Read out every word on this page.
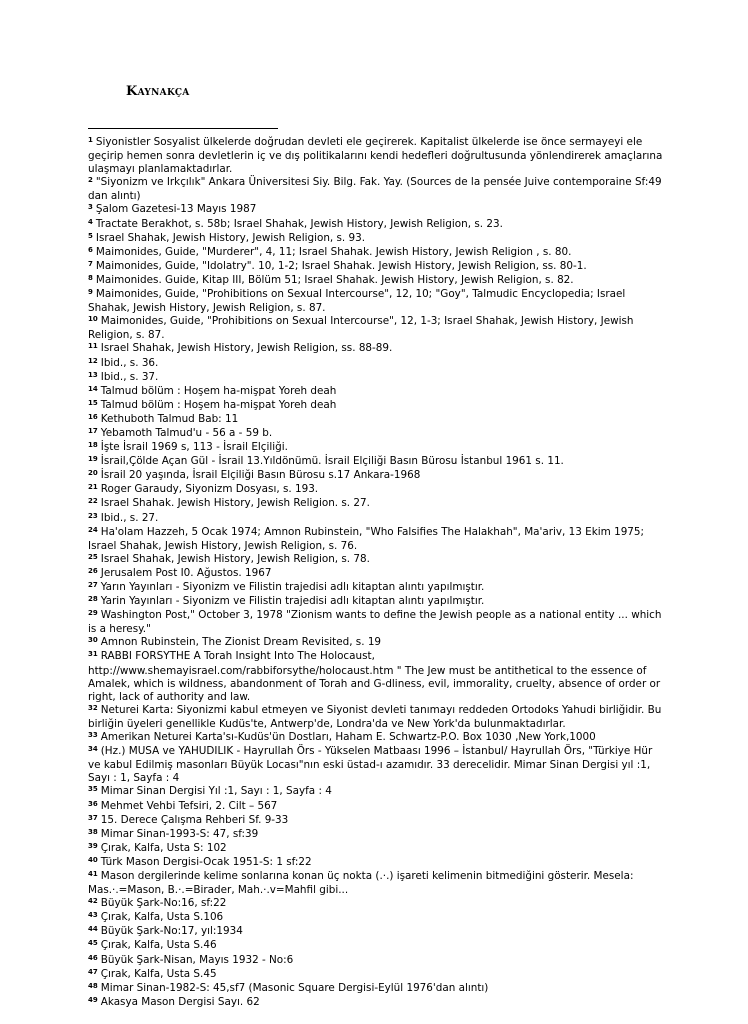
Kaynakça

$^1$ Siyonistler Sosyalist ülkelerde doğrudan devleti ele geçirerek. Kapitalist ülkelerde ise önce sermayeyi ele geçirip hemen sonra devletlerin iç ve dış politikalarını kendi hedefleri doğrultusunda yönlendirerek amaçlarına ulaşmayı planlamaktadırlar.

$^2$ "Siyonizm ve Irkçılık" Ankara Üniversitesi Siy. Bilg. Fak. Yay. (Sources de la pensée Juive contemporaine Sf:49 dan alıntı)

$^3$ Şalom Gazetesi-13 Mayıs 1987

$^4$ Tractate Berakhot, s. 58b; Israel Shahak, Jewish History, Jewish Religion, s. 23.

$^5$ Israel Shahak, Jewish History, Jewish Religion, s. 93.

$^6$ Maimonides, Guide, "Murderer", 4, 11; Israel Shahak. Jewish History, Jewish Religion , s. 80.

$^7$ Maimonides, Guide, "Idolatry". 10, 1-2; Israel Shahak. Jewish History, Jewish Religion, ss. 80-1.

$^8$ Maimonides. Guide, Kitap III, Bölüm 51; Israel Shahak. Jewish History, Jewish Religion, s. 82.

$^9$ Maimonides, Guide, "Prohibitions on Sexual Intercourse", 12, 10; "Goy", Talmudic Encyclopedia; Israel Shahak, Jewish History, Jewish Religion, s. 87.

$^{10}$ Maimonides, Guide, "Prohibitions on Sexual Intercourse", 12, 1-3; Israel Shahak, Jewish History, Jewish Religion, s. 87.

$^{11}$ Israel Shahak, Jewish History, Jewish Religion, ss. 88-89.

$^{12}$ Ibid., s. 36.

$^{13}$ Ibid., s. 37.

$^{14}$ Talmud bölüm : Hoşem ha-mişpat Yoreh deah

$^{15}$ Talmud bölüm : Hoşem ha-mişpat Yoreh deah

$^{16}$ Kethuboth Talmud Bab: 11

$^{17}$ Yebamoth Talmud'u - 56 a - 59 b.

$^{18}$ İşte İsrail 1969 s, 113 - İsrail Elçiliği.

$^{19}$ İsrail,Çölde Açan Gül - İsrail 13.Yıldönümü. İsrail Elçiliği Basın Bürosu İstanbul 1961 s. 11.

$^{20}$ İsrail 20 yaşında, İsrail Elçiliği Basın Bürosu s.17 Ankara-1968

$^{21}$ Roger Garaudy, Siyonizm Dosyası, s. 193.

$^{22}$ Israel Shahak. Jewish History, Jewish Religion. s. 27.

$^{23}$ Ibid., s. 27.

$^{24}$ Ha'olam Hazzeh, 5 Ocak 1974; Amnon Rubinstein, "Who Falsifies The Halakhah", Ma'ariv, 13 Ekim 1975; Israel Shahak, Jewish History, Jewish Religion, s. 76.

$^{25}$ Israel Shahak, Jewish History, Jewish Religion, s. 78.

$^{26}$ Jerusalem Post I0. Ağustos. 1967

$^{27}$ Yarın Yayınları - Siyonizm ve Filistin trajedisi adlı kitaptan alıntı yapılmıştır.

$^{28}$ Yarin Yayınları - Siyonizm ve Filistin trajedisi adlı kitaptan alıntı yapılmıştır.

$^{29}$ Washington Post," October 3, 1978 "Zionism wants to define the Jewish people as a national entity ... which is a heresy."

$^{30}$ Amnon Rubinstein, The Zionist Dream Revisited, s. 19

$^{31}$ RABBI FORSYTHE A Torah Insight Into The Holocaust, http://www.shemayisrael.com/rabbiforsythe/holocaust.htm " The Jew must be antithetical to the essence of Amalek, which is wildness, abandonment of Torah and G-dliness, evil, immorality, cruelty, absence of order or right, lack of authority and law.

$^{32}$ Neturei Karta: Siyonizmi kabul etmeyen ve Siyonist devleti tanımayı reddeden Ortodoks Yahudi birliğidir. Bu birliğin üyeleri genellikle Kudüs'te, Antwerp'de, Londra'da ve New York'da bulunmaktadırlar.

$^{33}$ Amerikan Neturei Karta'sı-Kudüs'ün Dostları, Haham E. Schwartz-P.O. Box 1030 ,New York,1000

$^{34}$ (Hz.) MUSA ve YAHUDILIK - Hayrullah Örs - Yükselen Matbaası 1996 – İstanbul/ Hayrullah Örs, "Türkiye Hür ve kabul Edilmiş masonları Büyük Locası"nın eski üstad-ı azamıdır. 33 derecelidir. Mimar Sinan Dergisi yıl :1, Sayı : 1, Sayfa : 4

$^{35}$ Mimar Sinan Dergisi Yıl :1, Sayı : 1, Sayfa : 4

$^{36}$ Mehmet Vehbi Tefsiri, 2. Cilt – 567

$^{37}$ 15. Derece Çalışma Rehberi Sf. 9-33

$^{38}$ Mimar Sinan-1993-S: 47, sf:39

$^{39}$ Çırak, Kalfa, Usta S: 102

$^{40}$ Türk Mason Dergisi-Ocak 1951-S: 1 sf:22

$^{41}$ Mason dergilerinde kelime sonlarına konan üç nokta (.·.) işareti kelimenin bitmediğini gösterir. Mesela: Mas.·.=Mason, B.·.=Birader, Mah.·.v=Mahfil gibi...

$^{42}$ Büyük Şark-No:16, sf:22

$^{43}$ Çırak, Kalfa, Usta S.106

$^{44}$ Büyük Şark-No:17, yıl:1934

$^{45}$ Çırak, Kalfa, Usta S.46

$^{46}$ Büyük Şark-Nisan, Mayıs 1932 - No:6

$^{47}$ Çırak, Kalfa, Usta S.45

$^{48}$ Mimar Sinan-1982-S: 45,sf7 (Masonic Square Dergisi-Eylül 1976'dan alıntı)

$^{49}$ Akasya Mason Dergisi Sayı. 62
